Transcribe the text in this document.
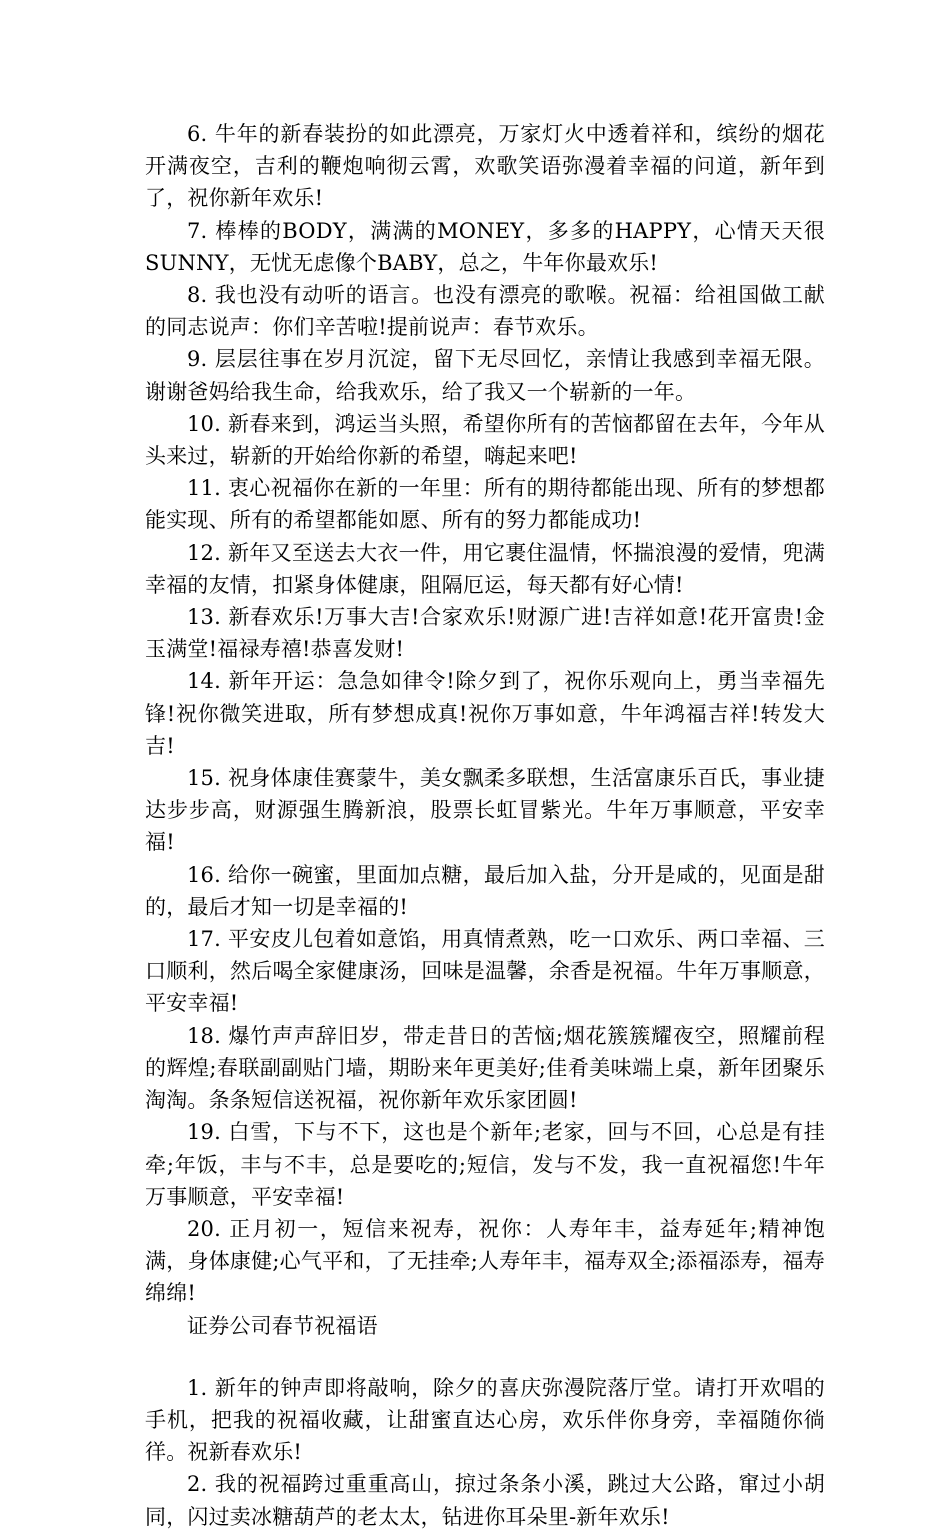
6. 牛年的新春装扮的如此漂亮，万家灯火中透着祥和，缤纷的烟花开满夜空，吉利的鞭炮响彻云霄，欢歌笑语弥漫着幸福的问道，新年到了，祝你新年欢乐!

7. 棒棒的BODY，满满的MONEY，多多的HAPPY，心情天天很SUNNY，无忧无虑像个BABY，总之，牛年你最欢乐!

8. 我也没有动听的语言。也没有漂亮的歌喉。祝福：给祖国做工献的同志说声：你们辛苦啦!提前说声：春节欢乐。

9. 层层往事在岁月沉淀，留下无尽回忆，亲情让我感到幸福无限。谢谢爸妈给我生命，给我欢乐，给了我又一个崭新的一年。

10. 新春来到，鸿运当头照，希望你所有的苦恼都留在去年，今年从头来过，崭新的开始给你新的希望，嗨起来吧!

11. 衷心祝福你在新的一年里：所有的期待都能出现、所有的梦想都能实现、所有的希望都能如愿、所有的努力都能成功!

12. 新年又至送去大衣一件，用它裹住温情，怀揣浪漫的爱情，兜满幸福的友情，扣紧身体健康，阻隔厄运，每天都有好心情!

13. 新春欢乐!万事大吉!合家欢乐!财源广进!吉祥如意!花开富贵!金玉满堂!福禄寿禧!恭喜发财!

14. 新年开运：急急如律令!除夕到了，祝你乐观向上，勇当幸福先锋!祝你微笑进取，所有梦想成真!祝你万事如意，牛年鸿福吉祥!转发大吉!

15. 祝身体康佳赛蒙牛，美女飘柔多联想，生活富康乐百氏，事业捷达步步高，财源强生腾新浪，股票长虹冒紫光。牛年万事顺意，平安幸福!

16. 给你一碗蜜，里面加点糖，最后加入盐，分开是咸的，见面是甜的，最后才知一切是幸福的!

17. 平安皮儿包着如意馅，用真情煮熟，吃一口欢乐、两口幸福、三口顺利，然后喝全家健康汤，回味是温馨，余香是祝福。牛年万事顺意，平安幸福!

18. 爆竹声声辞旧岁，带走昔日的苦恼;烟花簇簇耀夜空，照耀前程的辉煌;春联副副贴门墙，期盼来年更美好;佳肴美味端上桌，新年团聚乐淘淘。条条短信送祝福，祝你新年欢乐家团圆!

19. 白雪，下与不下，这也是个新年;老家，回与不回，心总是有挂牵;年饭，丰与不丰，总是要吃的;短信，发与不发，我一直祝福您!牛年万事顺意，平安幸福!

20. 正月初一，短信来祝寿，祝你：人寿年丰，益寿延年;精神饱满，身体康健;心气平和，了无挂牵;人寿年丰，福寿双全;添福添寿，福寿绵绵!

证券公司春节祝福语

1. 新年的钟声即将敲响，除夕的喜庆弥漫院落厅堂。请打开欢唱的手机，把我的祝福收藏，让甜蜜直达心房，欢乐伴你身旁，幸福随你徜徉。祝新春欢乐!

2. 我的祝福跨过重重高山，掠过条条小溪，跳过大公路，窜过小胡同，闪过卖冰糖葫芦的老太太，钻进你耳朵里-新年欢乐!
